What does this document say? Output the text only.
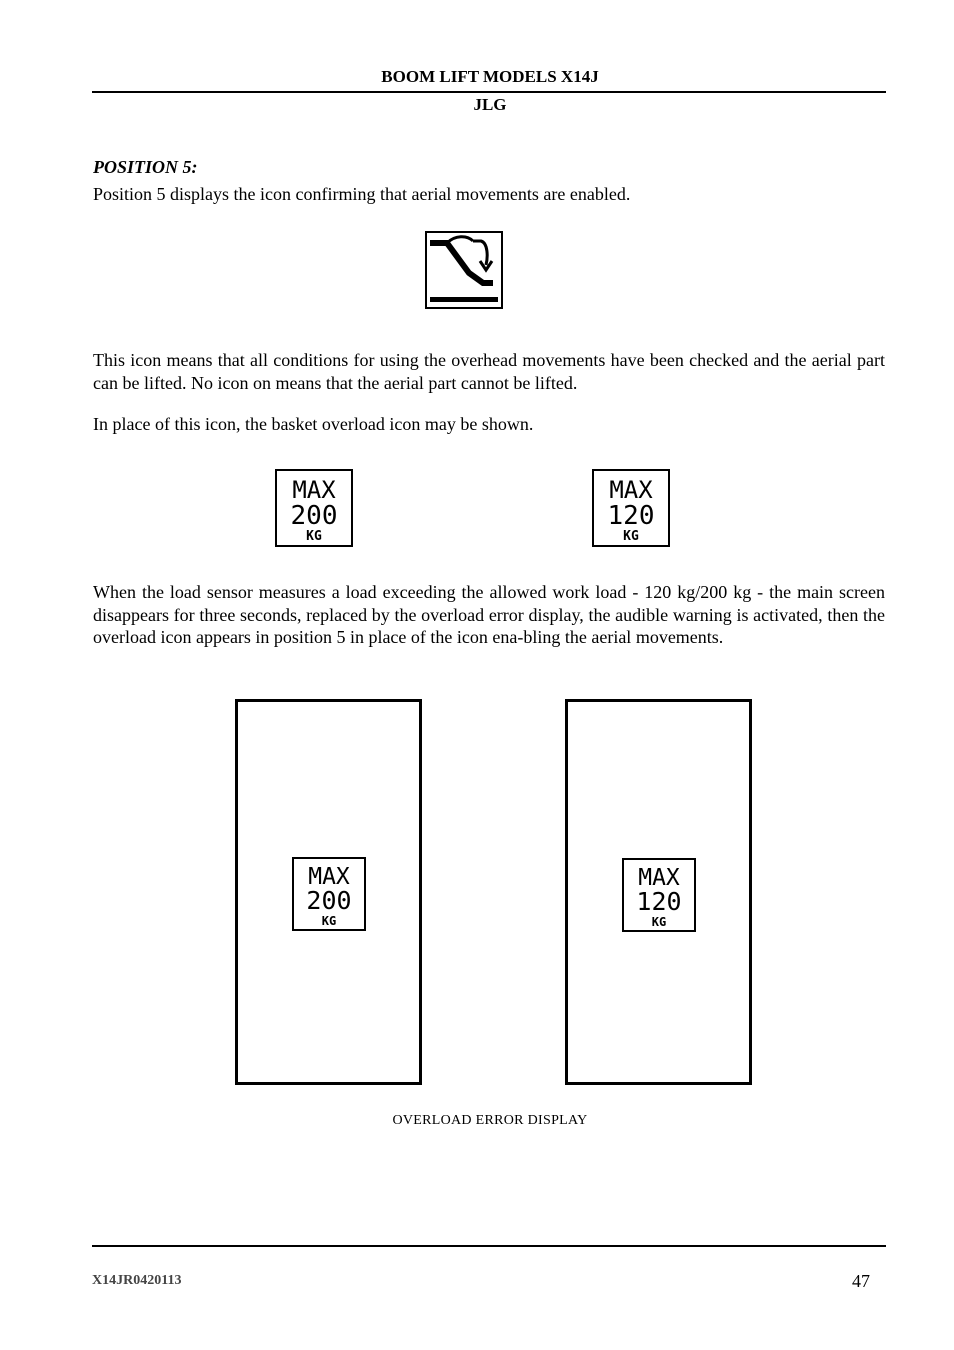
BOOM LIFT MODELS X14J
JLG
POSITION 5:
Position 5 displays the icon confirming that aerial movements are enabled.
This icon means that all conditions for using the overhead movements have been checked and the aerial part can be lifted. No icon on means that the aerial part cannot be lifted.
In place of this icon, the basket overload icon may be shown.
MAX
200
KG
MAX
120
KG
When the load sensor measures a load exceeding the allowed work load - 120 kg/200 kg - the main screen disappears for three seconds, replaced by the overload error display, the audible warning is activated, then the overload icon appears in position 5 in place of the icon ena-bling the aerial movements.
MAX
200
KG
MAX
120
KG
OVERLOAD ERROR DISPLAY
X14JR0420113	47
